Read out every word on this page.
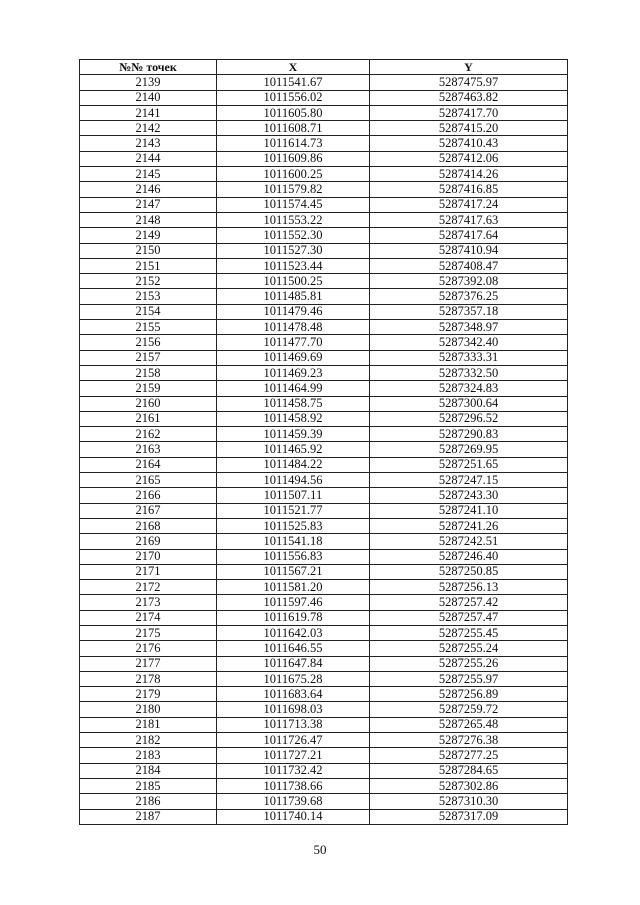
№№ точек	X	Y
2139	1011541.67	5287475.97
2140	1011556.02	5287463.82
2141	1011605.80	5287417.70
2142	1011608.71	5287415.20
2143	1011614.73	5287410.43
2144	1011609.86	5287412.06
2145	1011600.25	5287414.26
2146	1011579.82	5287416.85
2147	1011574.45	5287417.24
2148	1011553.22	5287417.63
2149	1011552.30	5287417.64
2150	1011527.30	5287410.94
2151	1011523.44	5287408.47
2152	1011500.25	5287392.08
2153	1011485.81	5287376.25
2154	1011479.46	5287357.18
2155	1011478.48	5287348.97
2156	1011477.70	5287342.40
2157	1011469.69	5287333.31
2158	1011469.23	5287332.50
2159	1011464.99	5287324.83
2160	1011458.75	5287300.64
2161	1011458.92	5287296.52
2162	1011459.39	5287290.83
2163	1011465.92	5287269.95
2164	1011484.22	5287251.65
2165	1011494.56	5287247.15
2166	1011507.11	5287243.30
2167	1011521.77	5287241.10
2168	1011525.83	5287241.26
2169	1011541.18	5287242.51
2170	1011556.83	5287246.40
2171	1011567.21	5287250.85
2172	1011581.20	5287256.13
2173	1011597.46	5287257.42
2174	1011619.78	5287257.47
2175	1011642.03	5287255.45
2176	1011646.55	5287255.24
2177	1011647.84	5287255.26
2178	1011675.28	5287255.97
2179	1011683.64	5287256.89
2180	1011698.03	5287259.72
2181	1011713.38	5287265.48
2182	1011726.47	5287276.38
2183	1011727.21	5287277.25
2184	1011732.42	5287284.65
2185	1011738.66	5287302.86
2186	1011739.68	5287310.30
2187	1011740.14	5287317.09
50
